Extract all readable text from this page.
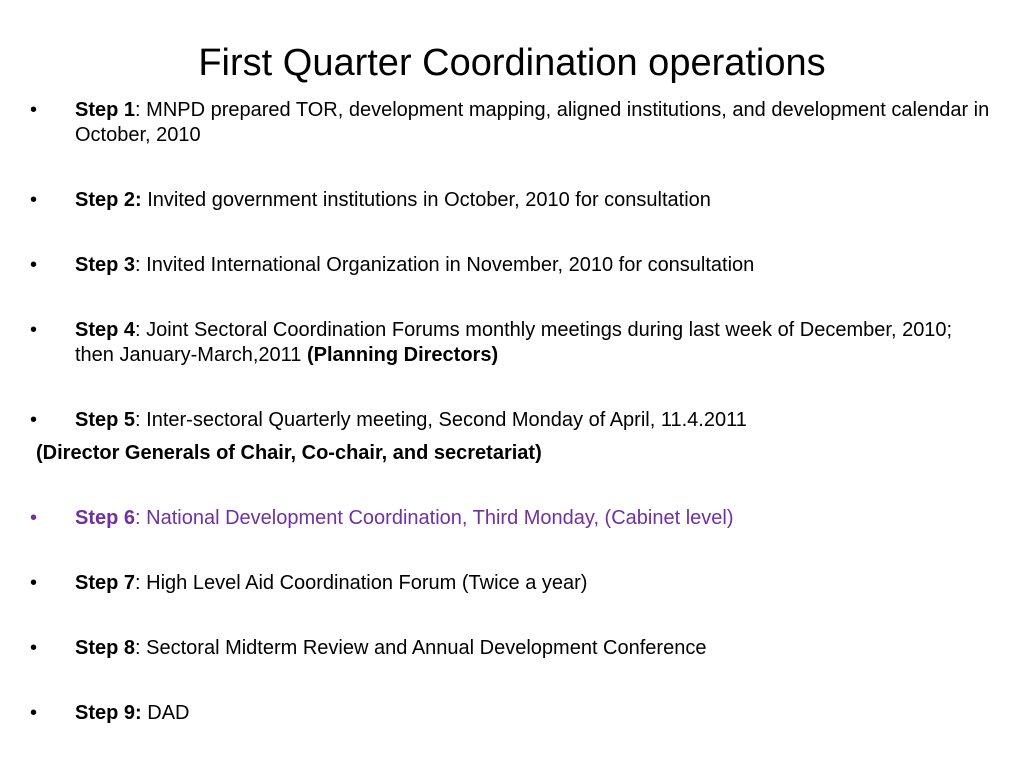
First Quarter Coordination operations
•	Step 1: MNPD prepared TOR, development mapping, aligned institutions, and development calendar in October, 2010
•	Step 2: Invited government institutions in October, 2010 for consultation
•	Step 3: Invited International Organization in November, 2010 for consultation
•	Step 4: Joint Sectoral Coordination Forums monthly meetings during last week of December, 2010;  then January-March,2011 (Planning Directors)
•	Step 5: Inter-sectoral Quarterly meeting, Second Monday of April, 11.4.2011
(Director Generals of Chair, Co-chair, and secretariat)
•	Step 6: National Development Coordination, Third Monday, (Cabinet level)
•	Step 7: High Level Aid Coordination Forum (Twice a year)
•	Step 8: Sectoral Midterm Review and Annual Development Conference
•	Step 9: DAD
